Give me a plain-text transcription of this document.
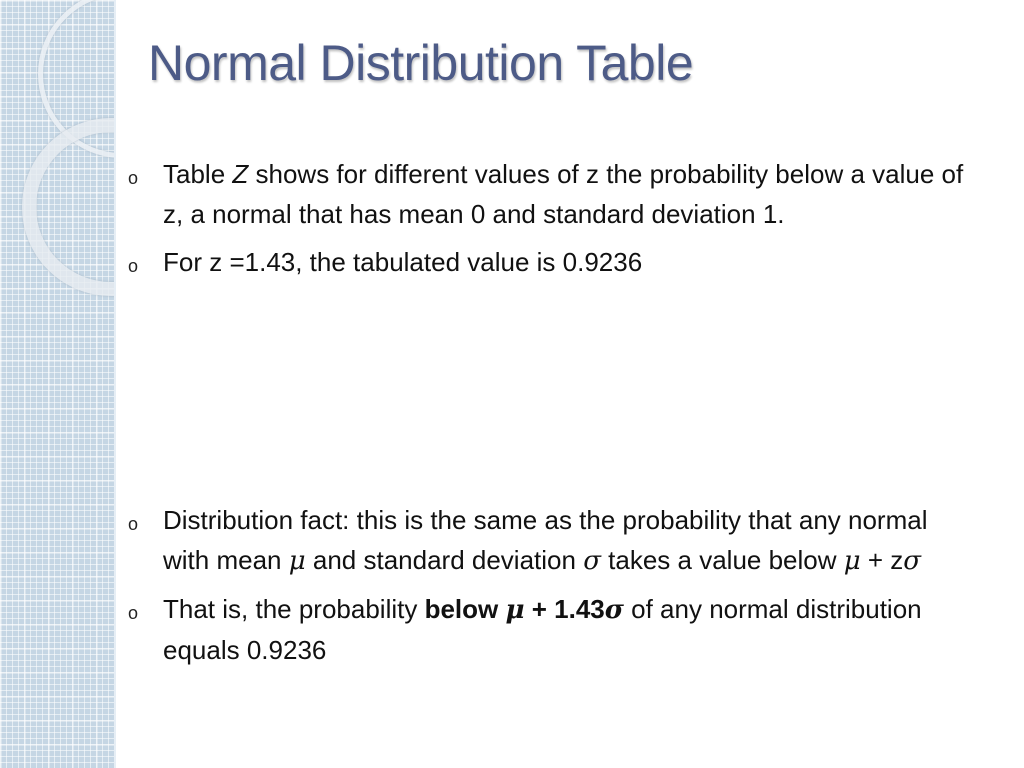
Normal Distribution Table

o Table Z shows for different values of z the probability below a value of z, a normal that has mean 0 and standard deviation 1.

o For z =1.43, the tabulated value is 0.9236

o Distribution fact: this is the same as the probability that any normal with mean μ and standard deviation σ takes a value below μ + zσ

o That is, the probability below μ + 1.43σ of any normal distribution equals 0.9236
